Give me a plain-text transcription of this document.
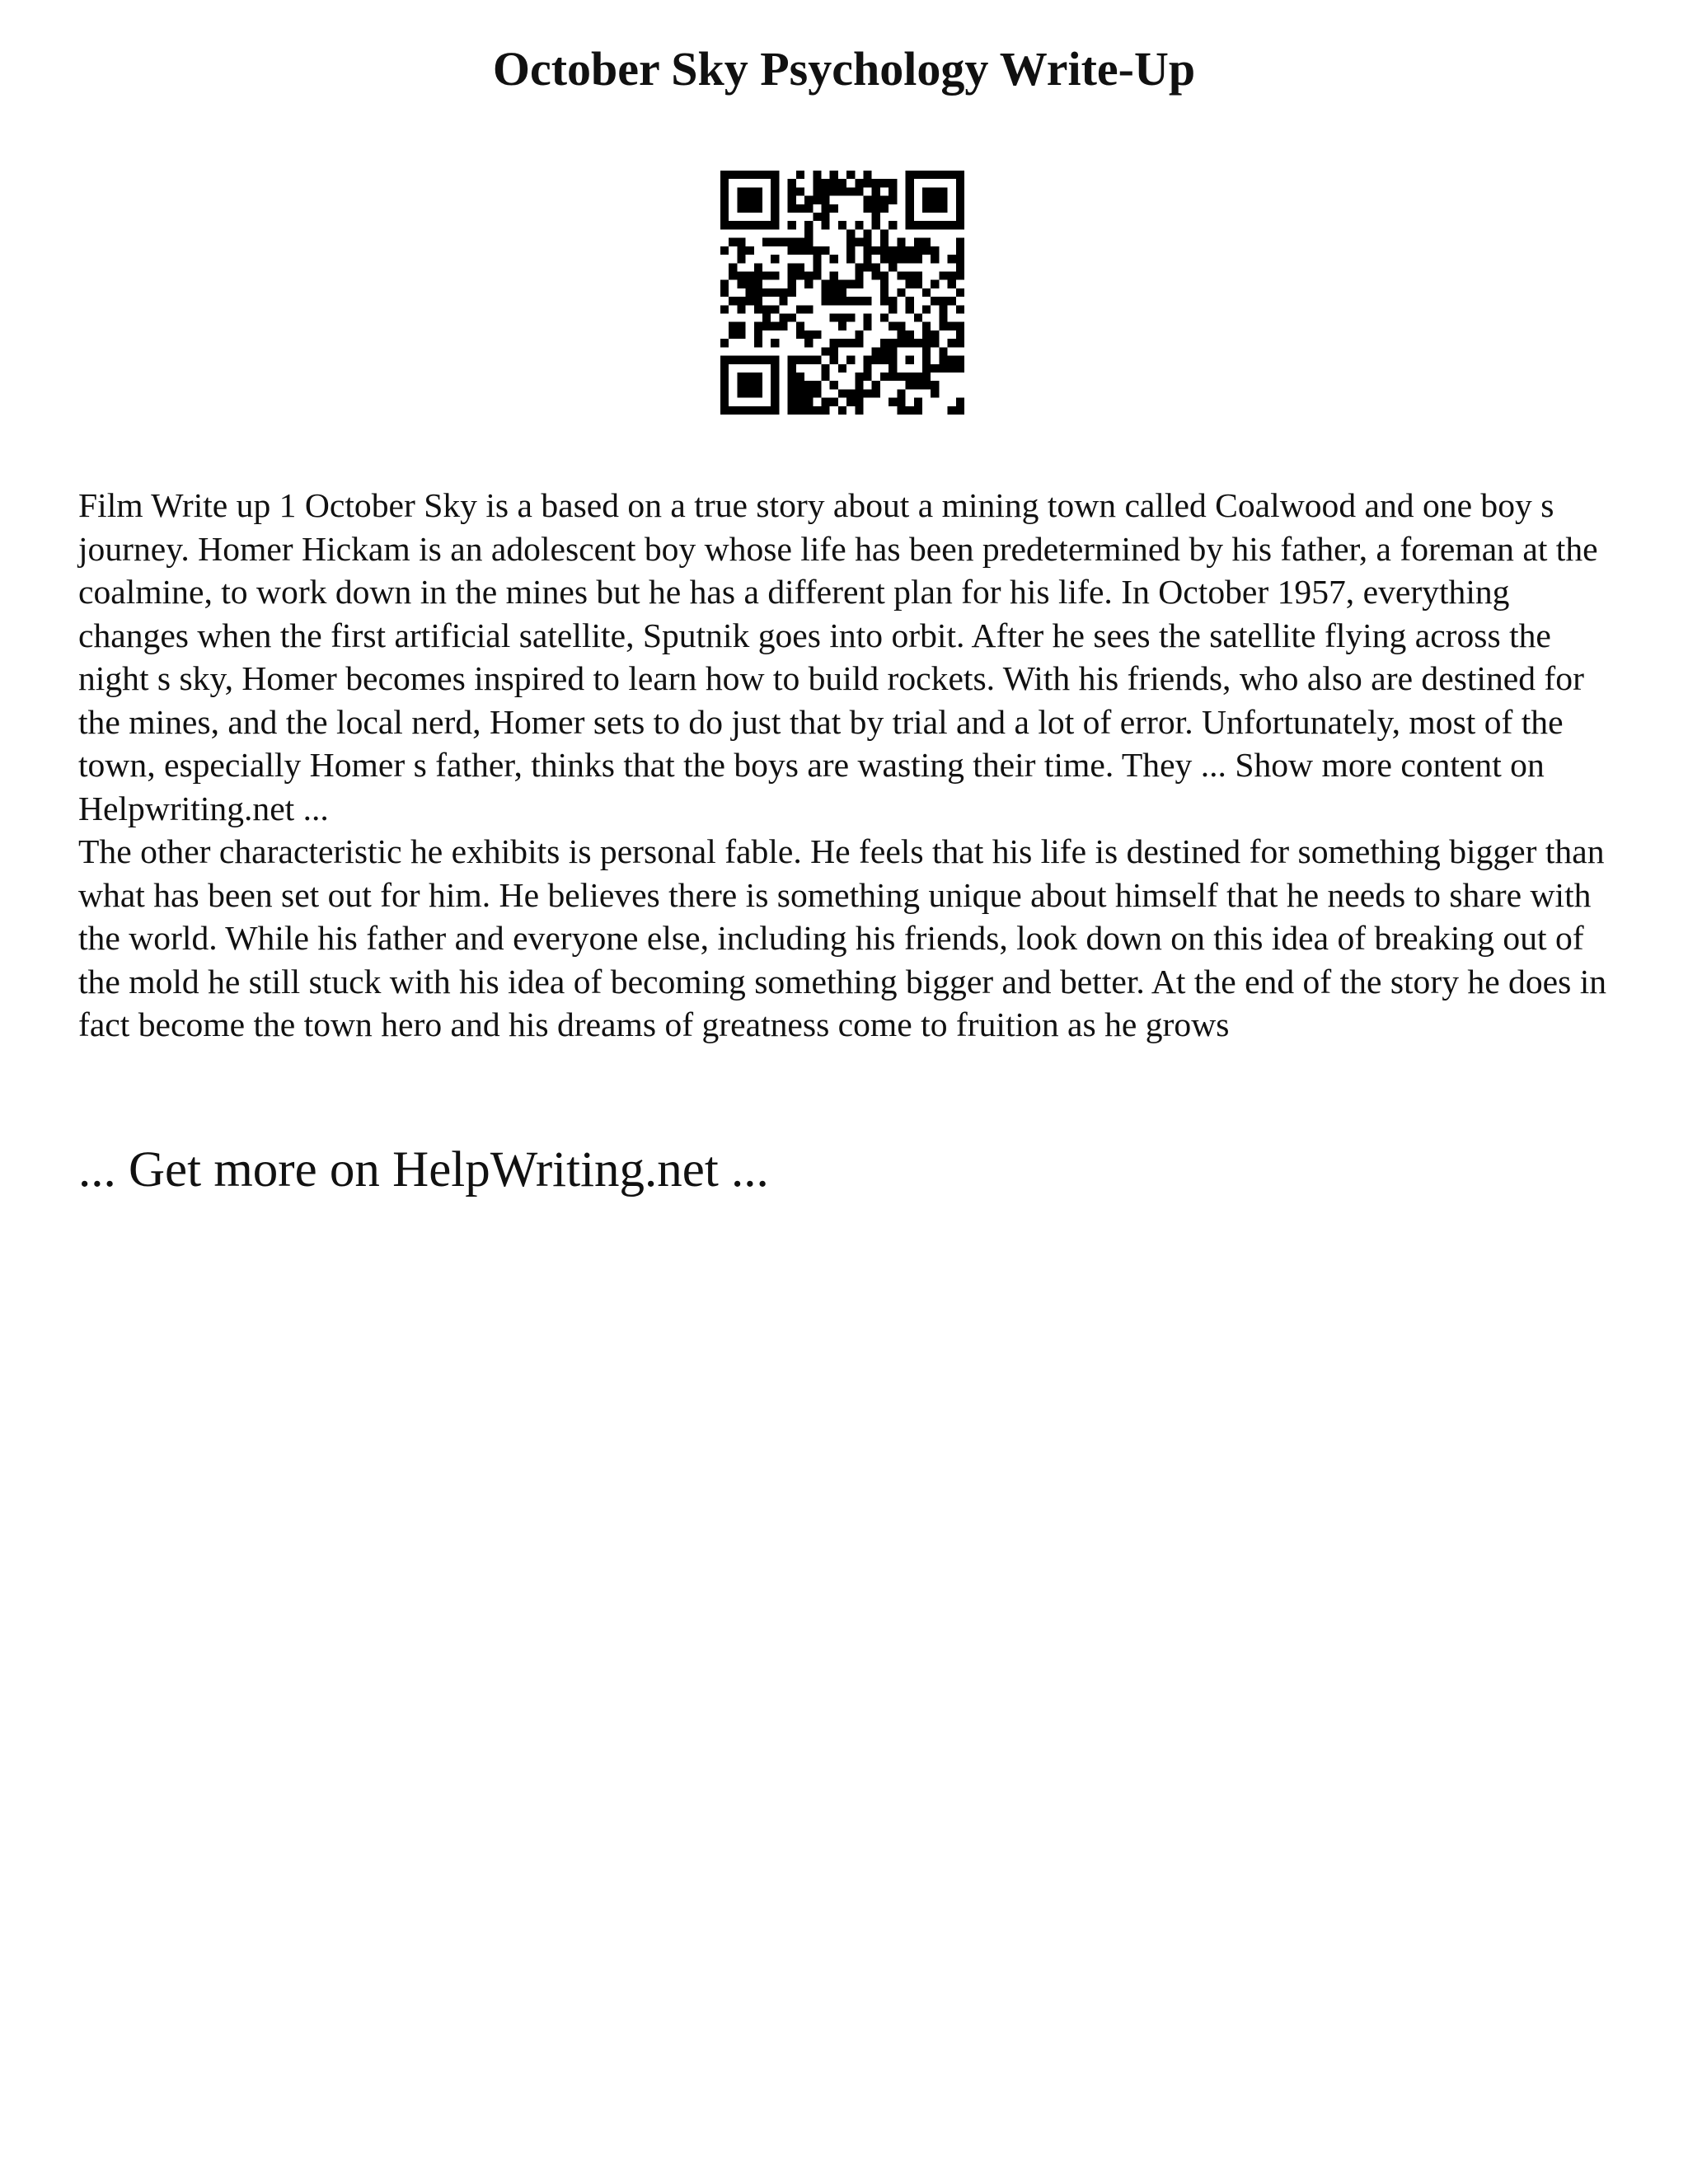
October Sky Psychology Write-Up

Film Write up 1 October Sky is a based on a true story about a mining town called Coalwood and one boy s journey. Homer Hickam is an adolescent boy whose life has been predetermined by his father, a foreman at the coalmine, to work down in the mines but he has a different plan for his life. In October 1957, everything changes when the first artificial satellite, Sputnik goes into orbit. After he sees the satellite flying across the night s sky, Homer becomes inspired to learn how to build rockets. With his friends, who also are destined for the mines, and the local nerd, Homer sets to do just that by trial and a lot of error. Unfortunately, most of the town, especially Homer s father, thinks that the boys are wasting their time. They ... Show more content on Helpwriting.net ...

The other characteristic he exhibits is personal fable. He feels that his life is destined for something bigger than what has been set out for him. He believes there is something unique about himself that he needs to share with the world. While his father and everyone else, including his friends, look down on this idea of breaking out of the mold he still stuck with his idea of becoming something bigger and better. At the end of the story he does in fact become the town hero and his dreams of greatness come to fruition as he grows

... Get more on HelpWriting.net ...
